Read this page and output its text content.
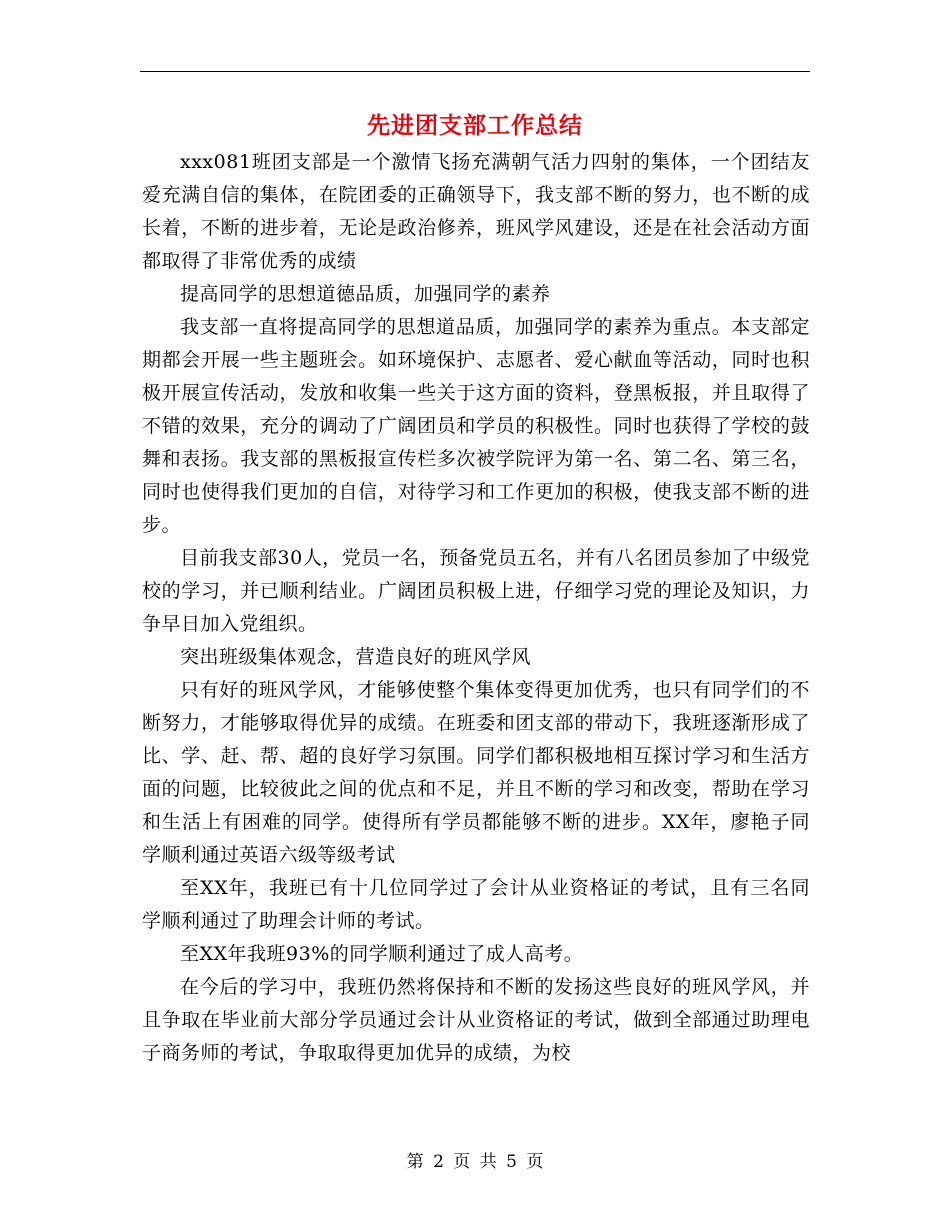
先进团支部工作总结

xxx081班团支部是一个激情飞扬充满朝气活力四射的集体，一个团结友爱充满自信的集体，在院团委的正确领导下，我支部不断的努力，也不断的成长着，不断的进步着，无论是政治修养，班风学风建设，还是在社会活动方面都取得了非常优秀的成绩

提高同学的思想道德品质，加强同学的素养

我支部一直将提高同学的思想道品质，加强同学的素养为重点。本支部定期都会开展一些主题班会。如环境保护、志愿者、爱心献血等活动，同时也积极开展宣传活动，发放和收集一些关于这方面的资料，登黑板报，并且取得了不错的效果，充分的调动了广阔团员和学员的积极性。同时也获得了学校的鼓舞和表扬。我支部的黑板报宣传栏多次被学院评为第一名、第二名、第三名，同时也使得我们更加的自信，对待学习和工作更加的积极，使我支部不断的进步。

目前我支部30人，党员一名，预备党员五名，并有八名团员参加了中级党校的学习，并已顺利结业。广阔团员积极上进，仔细学习党的理论及知识，力争早日加入党组织。

突出班级集体观念，营造良好的班风学风

只有好的班风学风，才能够使整个集体变得更加优秀，也只有同学们的不断努力，才能够取得优异的成绩。在班委和团支部的带动下，我班逐渐形成了比、学、赶、帮、超的良好学习氛围。同学们都积极地相互探讨学习和生活方面的问题，比较彼此之间的优点和不足，并且不断的学习和改变，帮助在学习和生活上有困难的同学。使得所有学员都能够不断的进步。XX年，廖艳子同学顺利通过英语六级等级考试

至XX年，我班已有十几位同学过了会计从业资格证的考试，且有三名同学顺利通过了助理会计师的考试。

至XX年我班93%的同学顺利通过了成人高考。

在今后的学习中，我班仍然将保持和不断的发扬这些良好的班风学风，并且争取在毕业前大部分学员通过会计从业资格证的考试，做到全部通过助理电子商务师的考试，争取取得更加优异的成绩，为校

第 2 页 共 5 页
